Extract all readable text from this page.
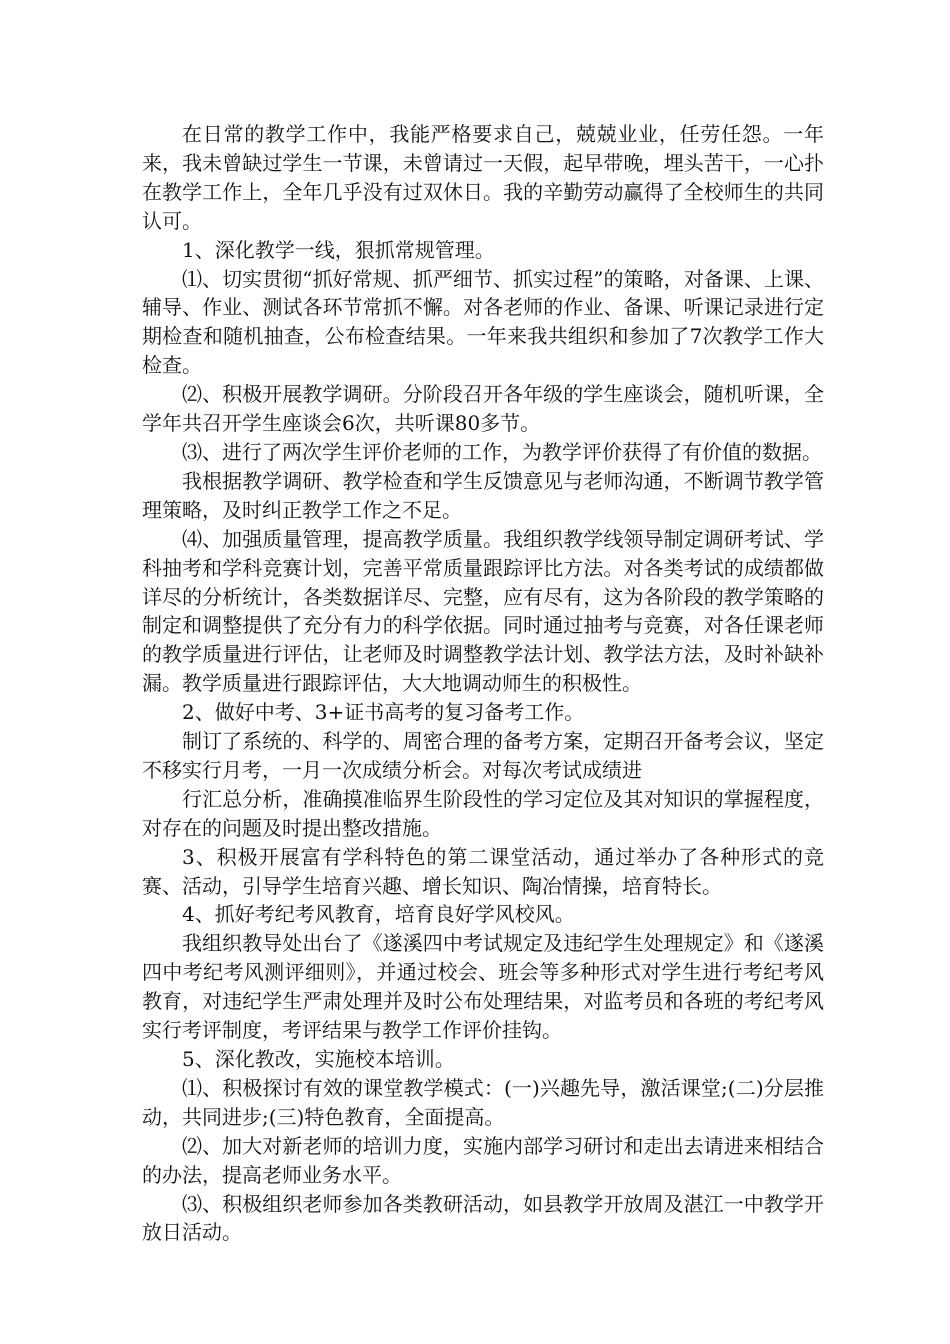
在日常的教学工作中，我能严格要求自己，兢兢业业，任劳任怨。一年来，我未曾缺过学生一节课，未曾请过一天假，起早带晚，埋头苦干，一心扑在教学工作上，全年几乎没有过双休日。我的辛勤劳动赢得了全校师生的共同认可。

1、深化教学一线，狠抓常规管理。

⑴、切实贯彻“抓好常规、抓严细节、抓实过程”的策略，对备课、上课、辅导、作业、测试各环节常抓不懈。对各老师的作业、备课、听课记录进行定期检查和随机抽查，公布检查结果。一年来我共组织和参加了7次教学工作大检查。

⑵、积极开展教学调研。分阶段召开各年级的学生座谈会，随机听课，全学年共召开学生座谈会6次，共听课80多节。

⑶、进行了两次学生评价老师的工作，为教学评价获得了有价值的数据。

我根据教学调研、教学检查和学生反馈意见与老师沟通，不断调节教学管理策略，及时纠正教学工作之不足。

⑷、加强质量管理，提高教学质量。我组织教学线领导制定调研考试、学科抽考和学科竞赛计划，完善平常质量跟踪评比方法。对各类考试的成绩都做详尽的分析统计，各类数据详尽、完整，应有尽有，这为各阶段的教学策略的制定和调整提供了充分有力的科学依据。同时通过抽考与竞赛，对各任课老师的教学质量进行评估，让老师及时调整教学法计划、教学法方法，及时补缺补漏。教学质量进行跟踪评估，大大地调动师生的积极性。

2、做好中考、3+证书高考的复习备考工作。

制订了系统的、科学的、周密合理的备考方案，定期召开备考会议，坚定不移实行月考，一月一次成绩分析会。对每次考试成绩进

行汇总分析，准确摸准临界生阶段性的学习定位及其对知识的掌握程度，对存在的问题及时提出整改措施。

3、积极开展富有学科特色的第二课堂活动，通过举办了各种形式的竞赛、活动，引导学生培育兴趣、增长知识、陶冶情操，培育特长。

4、抓好考纪考风教育，培育良好学风校风。

我组织教导处出台了《遂溪四中考试规定及违纪学生处理规定》和《遂溪四中考纪考风测评细则》，并通过校会、班会等多种形式对学生进行考纪考风教育，对违纪学生严肃处理并及时公布处理结果，对监考员和各班的考纪考风实行考评制度，考评结果与教学工作评价挂钩。

5、深化教改，实施校本培训。

⑴、积极探讨有效的课堂教学模式：(一)兴趣先导，激活课堂;(二)分层推动，共同进步;(三)特色教育，全面提高。

⑵、加大对新老师的培训力度，实施内部学习研讨和走出去请进来相结合的办法，提高老师业务水平。

⑶、积极组织老师参加各类教研活动，如县教学开放周及湛江一中教学开放日活动。
